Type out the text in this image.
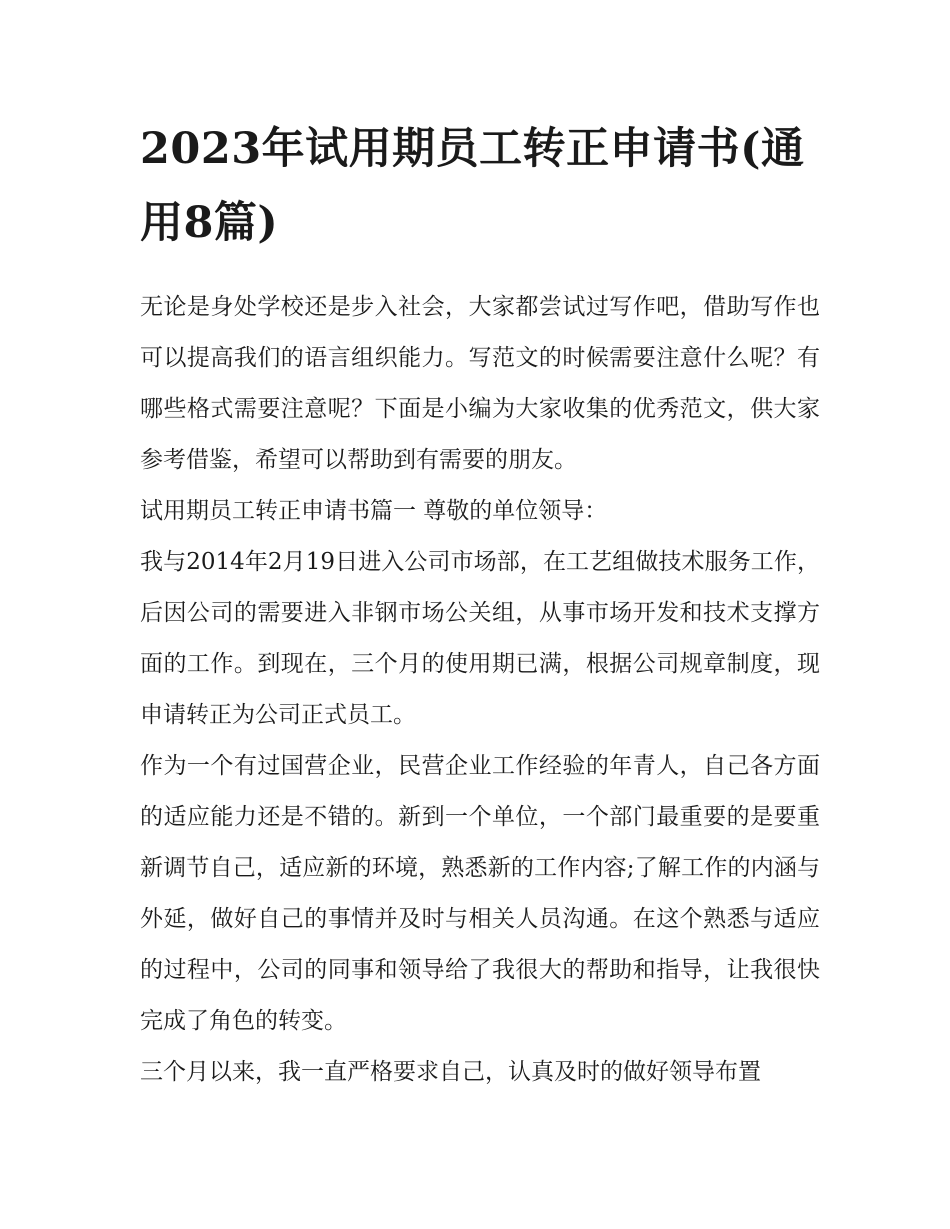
2023年试用期员工转正申请书(通用8篇)

无论是身处学校还是步入社会，大家都尝试过写作吧，借助写作也可以提高我们的语言组织能力。写范文的时候需要注意什么呢？有哪些格式需要注意呢？下面是小编为大家收集的优秀范文，供大家参考借鉴，希望可以帮助到有需要的朋友。

试用期员工转正申请书篇一 尊敬的单位领导：

我与2014年2月19日进入公司市场部，在工艺组做技术服务工作，后因公司的需要进入非钢市场公关组，从事市场开发和技术支撑方面的工作。到现在，三个月的使用期已满，根据公司规章制度，现申请转正为公司正式员工。

作为一个有过国营企业，民营企业工作经验的年青人，自己各方面的适应能力还是不错的。新到一个单位，一个部门最重要的是要重新调节自己，适应新的环境，熟悉新的工作内容;了解工作的内涵与外延，做好自己的事情并及时与相关人员沟通。在这个熟悉与适应的过程中，公司的同事和领导给了我很大的帮助和指导，让我很快完成了角色的转变。

三个月以来，我一直严格要求自己，认真及时的做好领导布置
